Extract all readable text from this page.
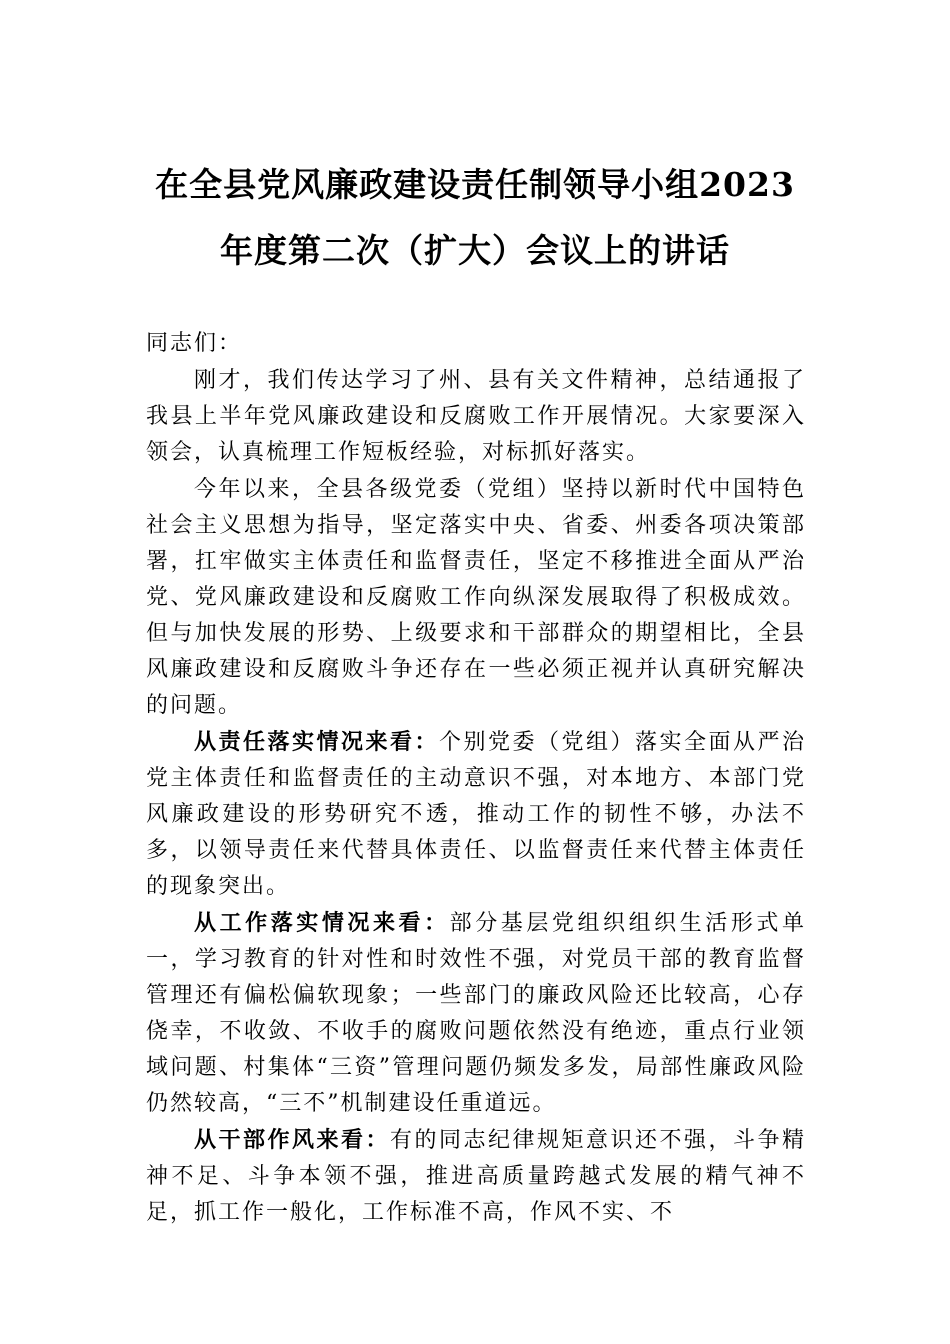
在全县党风廉政建设责任制领导小组2023年度第二次（扩大）会议上的讲话

同志们：

刚才，我们传达学习了州、县有关文件精神，总结通报了我县上半年党风廉政建设和反腐败工作开展情况。大家要深入领会，认真梳理工作短板经验，对标抓好落实。

今年以来，全县各级党委（党组）坚持以新时代中国特色社会主义思想为指导，坚定落实中央、省委、州委各项决策部署，扛牢做实主体责任和监督责任，坚定不移推进全面从严治党、党风廉政建设和反腐败工作向纵深发展取得了积极成效。但与加快发展的形势、上级要求和干部群众的期望相比，全县风廉政建设和反腐败斗争还存在一些必须正视并认真研究解决的问题。

从责任落实情况来看：个别党委（党组）落实全面从严治党主体责任和监督责任的主动意识不强，对本地方、本部门党风廉政建设的形势研究不透，推动工作的韧性不够，办法不多，以领导责任来代替具体责任、以监督责任来代替主体责任的现象突出。

从工作落实情况来看：部分基层党组织组织生活形式单一，学习教育的针对性和时效性不强，对党员干部的教育监督管理还有偏松偏软现象；一些部门的廉政风险还比较高，心存侥幸，不收敛、不收手的腐败问题依然没有绝迹，重点行业领域问题、村集体“三资”管理问题仍频发多发，局部性廉政风险仍然较高，“三不”机制建设任重道远。

从干部作风来看：有的同志纪律规矩意识还不强，斗争精神不足、斗争本领不强，推进高质量跨越式发展的精气神不足，抓工作一般化，工作标准不高，作风不实、不
